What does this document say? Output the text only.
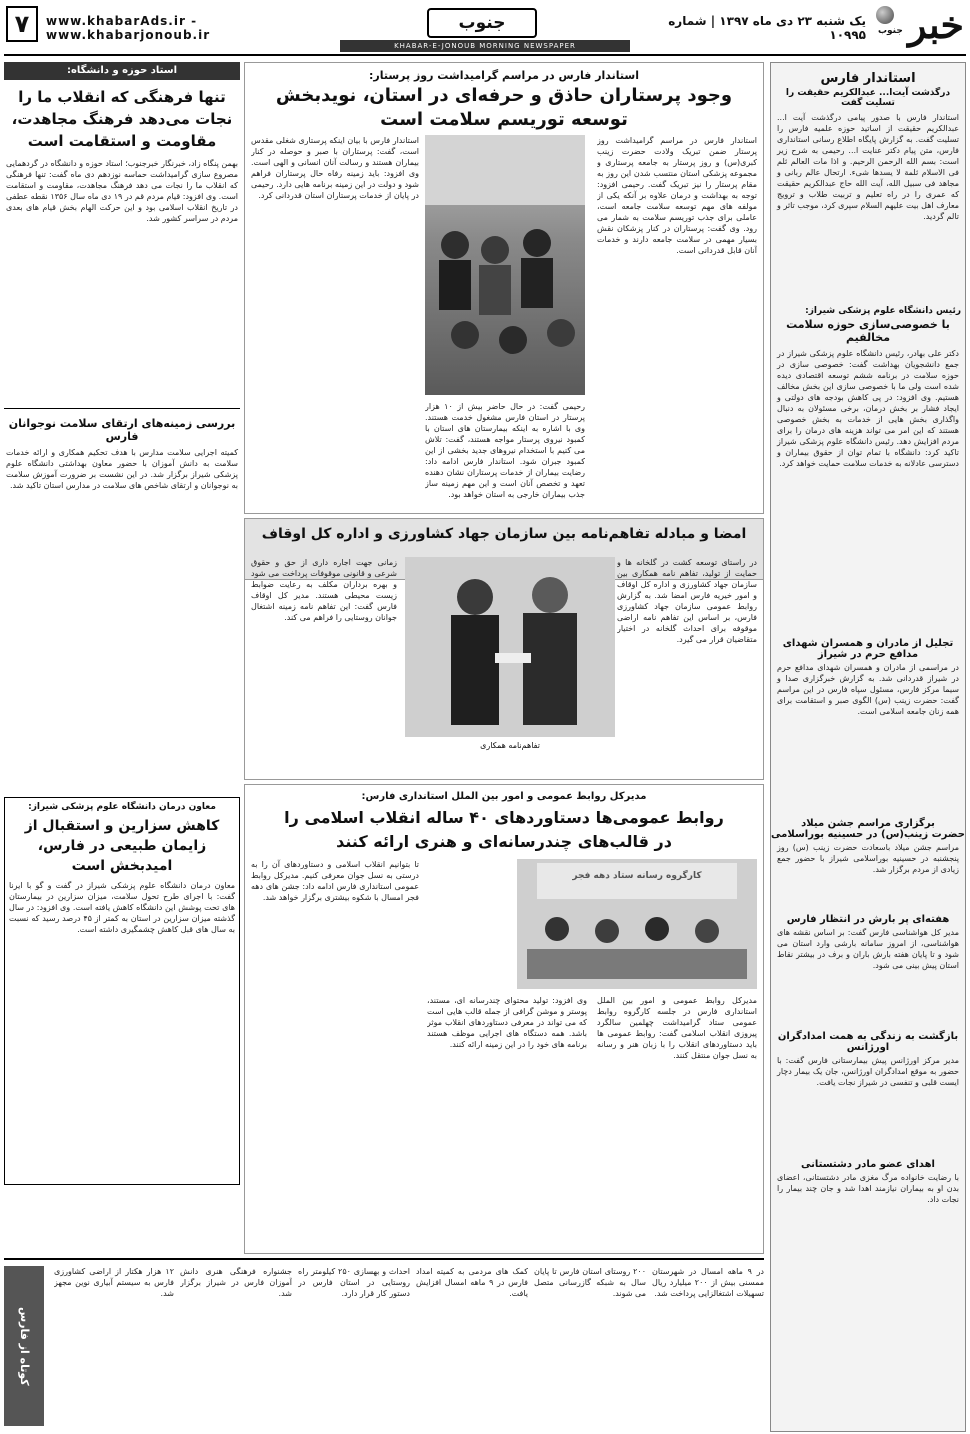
خبر
جنوب
یک شنبه ۲۳ دی ماه ۱۳۹۷ | شماره ۱۰۹۹۵
جنوب
KHABAR-E-JONOUB MORNING NEWSPAPER
www.khabarAds.ir - www.khabarjonoub.ir
۷
استاندار فارس
درگذشت آیت‌ا... عبدالکریم حقیقت را تسلیت گفت
استاندار فارس با صدور پیامی درگذشت آیت ا... عبدالکریم حقیقت از اساتید حوزه علمیه فارس را تسلیت گفت. به گزارش پایگاه اطلاع رسانی استانداری فارس، متن پیام دکتر عنایت ا... رحیمی به شرح زیر است: بسم الله الرحمن الرحیم. و اذا مات العالم ثلم فی الاسلام ثلمة لا یسدها شیء. ارتحال عالم ربانی و مجاهد فی سبیل الله، آیت الله حاج عبدالکریم حقیقت که عمری را در راه تعلیم و تربیت طلاب و ترویج معارف اهل بیت علیهم السلام سپری کرد، موجب تاثر و تالم گردید.
رئیس دانشگاه علوم پزشکی شیراز:
با خصوصی‌سازی حوزه سلامت مخالفیم
دکتر علی بهادر، رئیس دانشگاه علوم پزشکی شیراز در جمع دانشجویان بهداشت گفت: خصوصی سازی در حوزه سلامت در برنامه ششم توسعه اقتصادی دیده شده است ولی ما با خصوصی سازی این بخش مخالف هستیم. وی افزود: در پی کاهش بودجه های دولتی و ایجاد فشار بر بخش درمان، برخی مسئولان به دنبال واگذاری بخش هایی از خدمات به بخش خصوصی هستند که این امر می تواند هزینه های درمان را برای مردم افزایش دهد. رئیس دانشگاه علوم پزشکی شیراز تاکید کرد: دانشگاه با تمام توان از حقوق بیماران و دسترسی عادلانه به خدمات سلامت حمایت خواهد کرد.
تجلیل از مادران و همسران شهدای مدافع حرم در شیراز
در مراسمی از مادران و همسران شهدای مدافع حرم در شیراز قدردانی شد. به گزارش خبرگزاری صدا و سیما مرکز فارس، مسئول سپاه فارس در این مراسم گفت: حضرت زینب (س) الگوی صبر و استقامت برای همه زنان جامعه اسلامی است.
برگزاری مراسم جشن میلاد
حضرت زینب(س) در حسینیه بوراسلامی
مراسم جشن میلاد باسعادت حضرت زینب (س) روز پنجشنبه در حسینیه بوراسلامی شیراز با حضور جمع زیادی از مردم برگزار شد.
هفته‌ای پر بارش در انتظار فارس
مدیر کل هواشناسی فارس گفت: بر اساس نقشه های هواشناسی، از امروز سامانه بارشی وارد استان می شود و تا پایان هفته بارش باران و برف در بیشتر نقاط استان پیش بینی می شود.
بازگشت به زندگی به همت امدادگران اورژانس
مدیر مرکز اورژانس پیش بیمارستانی فارس گفت: با حضور به موقع امدادگران اورژانس، جان یک بیمار دچار ایست قلبی و تنفسی در شیراز نجات یافت.
اهدای عضو مادر دشتستانی
با رضایت خانواده مرگ مغزی مادر دشتستانی، اعضای بدن او به بیماران نیازمند اهدا شد و جان چند بیمار را نجات داد.
استاندار فارس در مراسم گرامیداشت روز پرستار:
وجود پرستاران حاذق و حرفه‌ای در استان، نویدبخش توسعه توریسم سلامت است
استاندار فارس در مراسم گرامیداشت روز پرستار ضمن تبریک ولادت حضرت زینب کبری(س) و روز پرستار به جامعه پرستاری و مجموعه پزشکی استان منتسب شدن این روز به مقام پرستار را نیز تبریک گفت. رحیمی افزود: توجه به بهداشت و درمان علاوه بر آنکه یکی از مولفه های مهم توسعه سلامت جامعه است، عاملی برای جذب توریسم سلامت به شمار می رود. وی گفت: پرستاران در کنار پزشکان نقش بسیار مهمی در سلامت جامعه دارند و خدمات آنان قابل قدردانی است.
استاندار فارس با بیان اینکه پرستاری شغلی مقدس است، گفت: پرستاران با صبر و حوصله در کنار بیماران هستند و رسالت آنان انسانی و الهی است. وی افزود: باید زمینه رفاه حال پرستاران فراهم شود و دولت در این زمینه برنامه هایی دارد. رحیمی در پایان از خدمات پرستاران استان قدردانی کرد.
رحیمی گفت: در حال حاضر بیش از ۱۰ هزار پرستار در استان فارس مشغول خدمت هستند. وی با اشاره به اینکه بیمارستان های استان با کمبود نیروی پرستار مواجه هستند، گفت: تلاش می کنیم با استخدام نیروهای جدید بخشی از این کمبود جبران شود. استاندار فارس ادامه داد: رضایت بیماران از خدمات پرستاران نشان دهنده تعهد و تخصص آنان است و این مهم زمینه ساز جذب بیماران خارجی به استان خواهد بود.
استاد حوزه و دانشگاه:
تنها فرهنگی که انقلاب ما را نجات می‌دهد فرهنگ مجاهدت، مقاومت و استقامت است
بهمن پنگاه زاد، خبرنگار خبرجنوب؛ استاد حوزه و دانشگاه در گردهمایی مصروع سازی گرامیداشت حماسه نوزدهم دی ماه گفت: تنها فرهنگی که انقلاب ما را نجات می دهد فرهنگ مجاهدت، مقاومت و استقامت است. وی افزود: قیام مردم قم در ۱۹ دی ماه سال ۱۳۵۶ نقطه عطفی در تاریخ انقلاب اسلامی بود و این حرکت الهام بخش قیام های بعدی مردم در سراسر کشور شد.
بررسی زمینه‌های ارتقای سلامت نوجوانان فارس
کمیته اجرایی سلامت مدارس با هدف تحکیم همکاری و ارائه خدمات سلامت به دانش آموزان با حضور معاون بهداشتی دانشگاه علوم پزشکی شیراز برگزار شد. در این نشست بر ضرورت آموزش سلامت به نوجوانان و ارتقای شاخص های سلامت در مدارس استان تاکید شد.
معاون درمان دانشگاه علوم پزشکی شیراز:
کاهش سزارین و استقبال از زایمان طبیعی در فارس، امیدبخش است
معاون درمان دانشگاه علوم پزشکی شیراز در گفت و گو با ایرنا گفت: با اجرای طرح تحول سلامت، میزان سزارین در بیمارستان های تحت پوشش این دانشگاه کاهش یافته است. وی افزود: در سال گذشته میزان سزارین در استان به کمتر از ۴۵ درصد رسید که نسبت به سال های قبل کاهش چشمگیری داشته است.
امضا و مبادله تفاهم‌نامه بین سازمان جهاد کشاورزی و اداره کل اوقاف
در راستای توسعه کشت در گلخانه ها و حمایت از تولید، تفاهم نامه همکاری بین سازمان جهاد کشاورزی و اداره کل اوقاف و امور خیریه فارس امضا شد. به گزارش روابط عمومی سازمان جهاد کشاورزی فارس، بر اساس این تفاهم نامه اراضی موقوفه برای احداث گلخانه در اختیار متقاضیان قرار می گیرد.
تفاهم‌نامه همکاری
زمانی جهت اجاره داری از حق و حقوق شرعی و قانونی موقوفات پرداخت می شود و بهره برداران مکلف به رعایت ضوابط زیست محیطی هستند. مدیر کل اوقاف فارس گفت: این تفاهم نامه زمینه اشتغال جوانان روستایی را فراهم می کند.
مدیرکل روابط عمومی و امور بین الملل استانداری فارس:
روابط عمومی‌ها دستاوردهای ۴۰ ساله انقلاب اسلامی را در قالب‌های چندرسانه‌ای و هنری ارائه کنند
مدیرکل روابط عمومی و امور بین الملل استانداری فارس در جلسه کارگروه روابط عمومی ستاد گرامیداشت چهلمین سالگرد پیروزی انقلاب اسلامی گفت: روابط عمومی ها باید دستاوردهای انقلاب را با زبان هنر و رسانه به نسل جوان منتقل کنند.
کارگروه رسانه ستاد دهه فجر
وی افزود: تولید محتوای چندرسانه ای، مستند، پوستر و موشن گرافی از جمله قالب هایی است که می تواند در معرفی دستاوردهای انقلاب موثر باشد. همه دستگاه های اجرایی موظف هستند برنامه های خود را در این زمینه ارائه کنند.
تا بتوانیم انقلاب اسلامی و دستاوردهای آن را به درستی به نسل جوان معرفی کنیم. مدیرکل روابط عمومی استانداری فارس ادامه داد: جشن های دهه فجر امسال با شکوه بیشتری برگزار خواهد شد.
کوتاه از فارس
در ۹ ماهه امسال در شهرستان ممسنی بیش از ۲۰۰ میلیارد ریال تسهیلات اشتغالزایی پرداخت شد.
۲۰۰ روستای استان فارس تا پایان سال به شبکه گازرسانی متصل می شوند.
کمک های مردمی به کمیته امداد فارس در ۹ ماهه امسال افزایش یافت.
احداث و بهسازی ۲۵۰ کیلومتر راه روستایی در استان فارس در دستور کار قرار دارد.
جشنواره فرهنگی هنری دانش آموزان فارس در شیراز برگزار شد.
۱۲ هزار هکتار از اراضی کشاورزی فارس به سیستم آبیاری نوین مجهز شد.
